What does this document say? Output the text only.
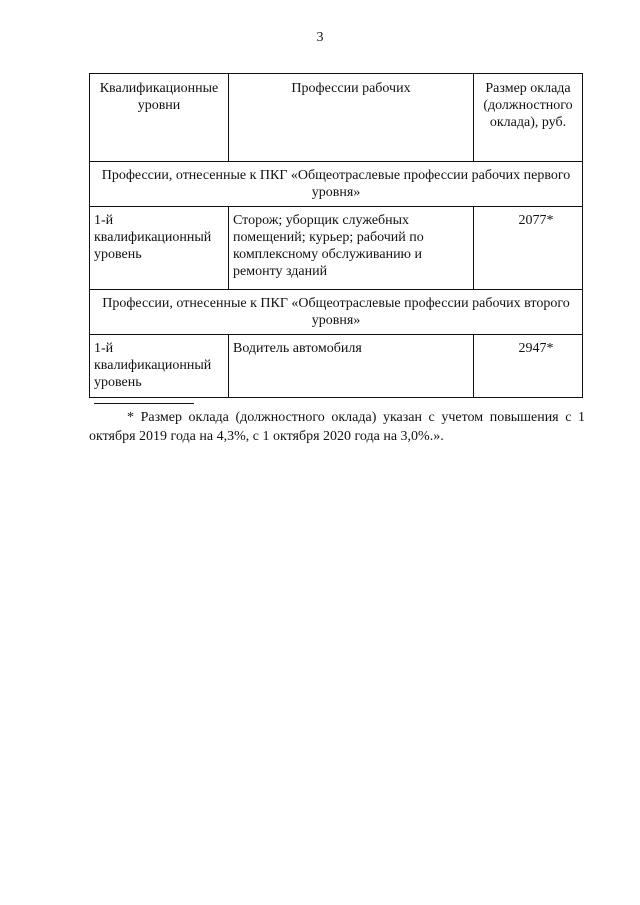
3
Квалификационные уровни	Профессии рабочих	Размер оклада (должностного оклада), руб.
Профессии, отнесенные к ПКГ «Общеотраслевые профессии рабочих первого уровня»		
1-й квалификационный уровень	Сторож; уборщик служебных помещений; курьер; рабочий по комплексному обслуживанию и ремонту зданий	2077*
Профессии, отнесенные к ПКГ «Общеотраслевые профессии рабочих второго уровня»		
1-й квалификационный уровень	Водитель автомобиля	2947*
* Размер оклада (должностного оклада) указан с учетом повышения с 1 октября 2019 года на 4,3%, с 1 октября 2020 года на 3,0%.».
